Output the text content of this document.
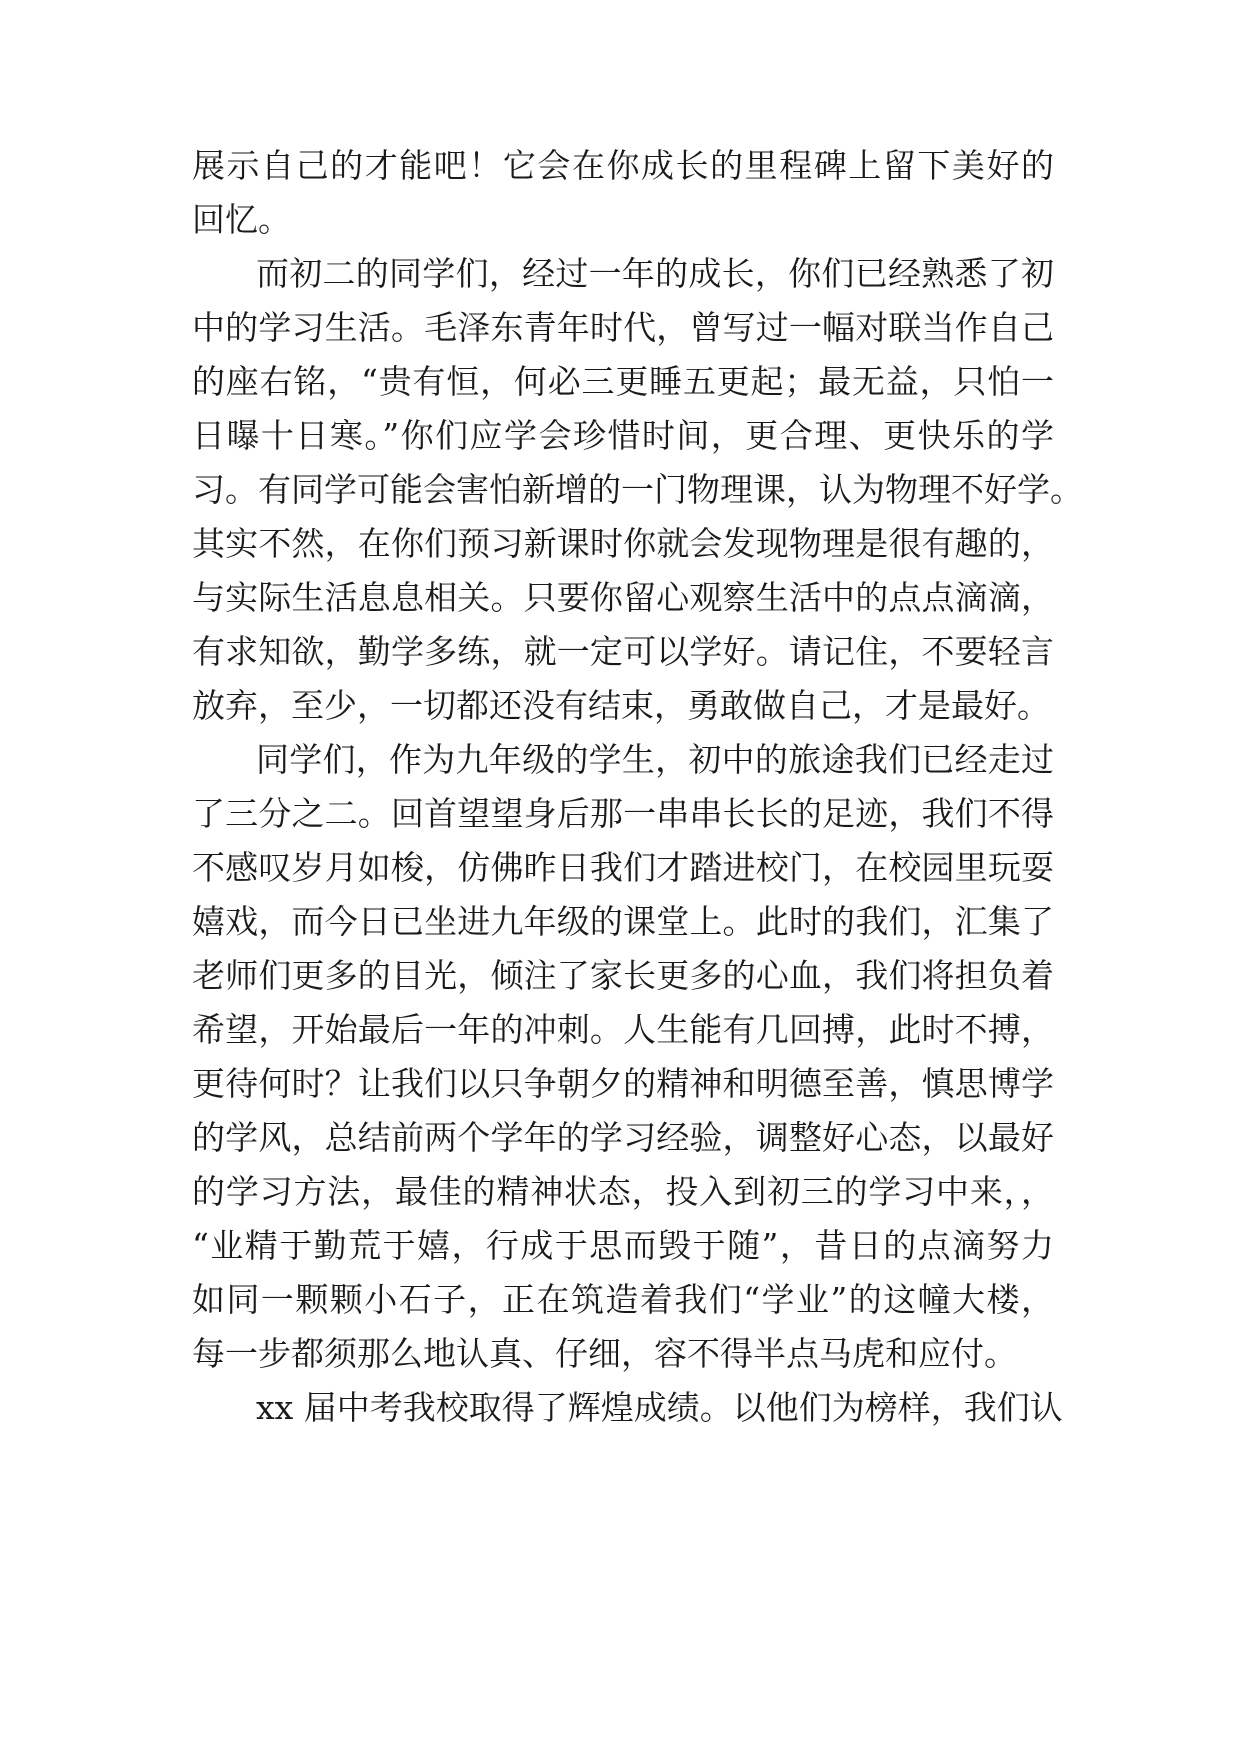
展示自己的才能吧！它会在你成长的里程碑上留下美好的
回忆。
而初二的同学们，经过一年的成长，你们已经熟悉了初
中的学习生活。毛泽东青年时代，曾写过一幅对联当作自己
的座右铭，“贵有恒，何必三更睡五更起；最无益，只怕一
日曝十日寒。”你们应学会珍惜时间，更合理、更快乐的学
习。有同学可能会害怕新增的一门物理课，认为物理不好学。
其实不然，在你们预习新课时你就会发现物理是很有趣的，
与实际生活息息相关。只要你留心观察生活中的点点滴滴，
有求知欲，勤学多练，就一定可以学好。请记住，不要轻言
放弃，至少，一切都还没有结束，勇敢做自己，才是最好。
同学们，作为九年级的学生，初中的旅途我们已经走过
了三分之二。回首望望身后那一串串长长的足迹，我们不得
不感叹岁月如梭，仿佛昨日我们才踏进校门，在校园里玩耍
嬉戏，而今日已坐进九年级的课堂上。此时的我们，汇集了
老师们更多的目光，倾注了家长更多的心血，我们将担负着
希望，开始最后一年的冲刺。人生能有几回搏，此时不搏，
更待何时？让我们以只争朝夕的精神和明德至善，慎思博学
的学风，总结前两个学年的学习经验，调整好心态，以最好
的学习方法，最佳的精神状态，投入到初三的学习中来，，
“业精于勤荒于嬉，行成于思而毁于随”，昔日的点滴努力
如同一颗颗小石子，正在筑造着我们“学业”的这幢大楼，
每一步都须那么地认真、仔细，容不得半点马虎和应付。
xx 届中考我校取得了辉煌成绩。以他们为榜样，我们认
